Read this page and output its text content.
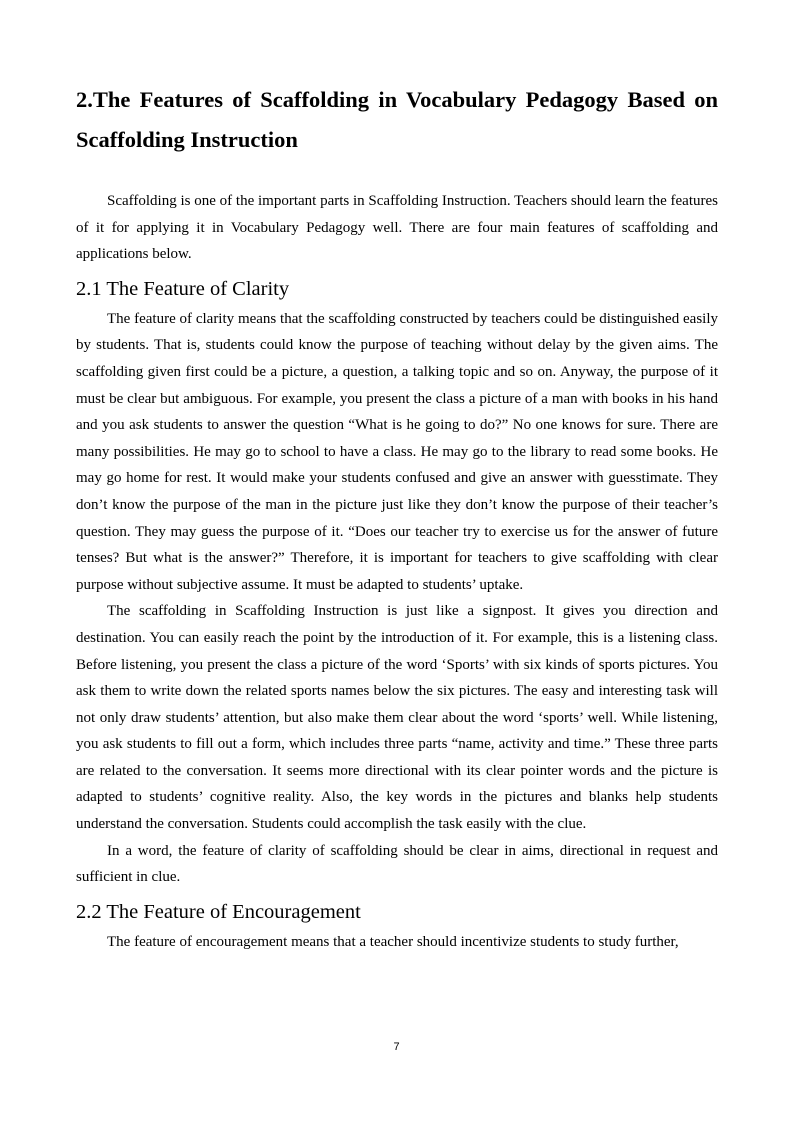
2.The Features of Scaffolding in Vocabulary Pedagogy Based on Scaffolding Instruction

Scaffolding is one of the important parts in Scaffolding Instruction. Teachers should learn the features of it for applying it in Vocabulary Pedagogy well. There are four main features of scaffolding and applications below.

2.1 The Feature of Clarity

The feature of clarity means that the scaffolding constructed by teachers could be distinguished easily by students. That is, students could know the purpose of teaching without delay by the given aims. The scaffolding given first could be a picture, a question, a talking topic and so on. Anyway, the purpose of it must be clear but ambiguous. For example, you present the class a picture of a man with books in his hand and you ask students to answer the question “What is he going to do?” No one knows for sure. There are many possibilities. He may go to school to have a class. He may go to the library to read some books. He may go home for rest. It would make your students confused and give an answer with guesstimate. They don’t know the purpose of the man in the picture just like they don’t know the purpose of their teacher’s question. They may guess the purpose of it. “Does our teacher try to exercise us for the answer of future tenses? But what is the answer?” Therefore, it is important for teachers to give scaffolding with clear purpose without subjective assume. It must be adapted to students’ uptake.

The scaffolding in Scaffolding Instruction is just like a signpost. It gives you direction and destination. You can easily reach the point by the introduction of it. For example, this is a listening class. Before listening, you present the class a picture of the word ‘Sports’ with six kinds of sports pictures. You ask them to write down the related sports names below the six pictures. The easy and interesting task will not only draw students’ attention, but also make them clear about the word ‘sports’ well. While listening, you ask students to fill out a form, which includes three parts “name, activity and time.” These three parts are related to the conversation. It seems more directional with its clear pointer words and the picture is adapted to students’ cognitive reality. Also, the key words in the pictures and blanks help students understand the conversation. Students could accomplish the task easily with the clue.

In a word, the feature of clarity of scaffolding should be clear in aims, directional in request and sufficient in clue.

2.2 The Feature of Encouragement

The feature of encouragement means that a teacher should incentivize students to study further,

7
